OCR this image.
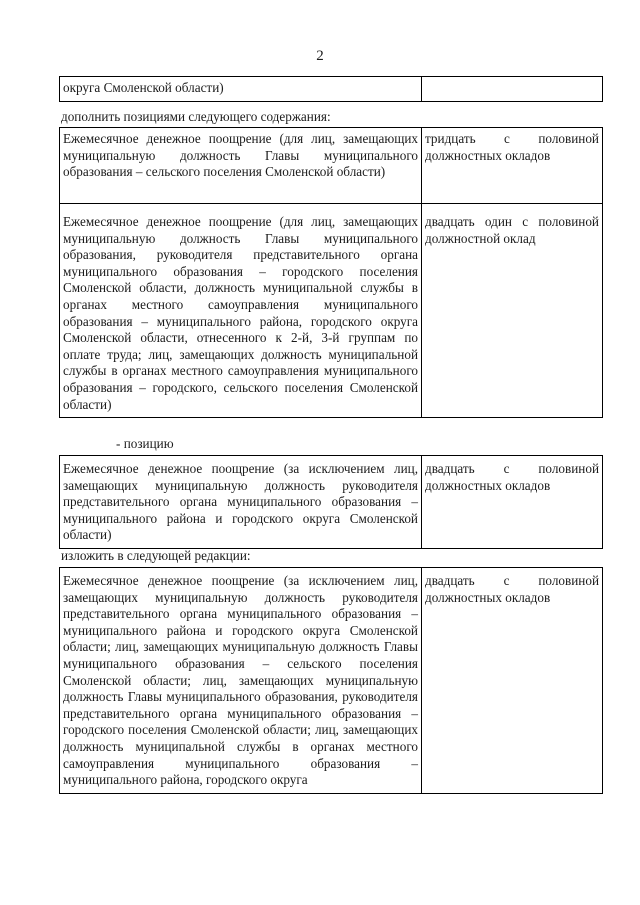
2
округа Смоленской области)	
дополнить позициями следующего содержания:
Ежемесячное денежное поощрение (для лиц, замещающих муниципальную должность Главы муниципального образования – сельского поселения Смоленской области)	тридцать с половиной должностных окладов
Ежемесячное денежное поощрение (для лиц, замещающих муниципальную должность Главы муниципального образования, руководителя представительного органа муниципального образования – городского поселения Смоленской области, должность муниципальной службы в органах местного самоуправления муниципального образования – муниципального района, городского округа Смоленской области, отнесенного к 2-й, 3-й группам по оплате труда; лиц, замещающих должность муниципальной службы в органах местного самоуправления муниципального образования – городского, сельского поселения Смоленской области)	двадцать один с половиной должностной оклад
- позицию
Ежемесячное денежное поощрение (за исключением лиц, замещающих муниципальную должность руководителя представительного органа муниципального образования – муниципального района и городского округа Смоленской области)	двадцать с половиной должностных окладов
изложить в следующей редакции:
Ежемесячное денежное поощрение (за исключением лиц, замещающих муниципальную должность руководителя представительного органа муниципального образования – муниципального района и городского округа Смоленской области; лиц, замещающих муниципальную должность Главы муниципального образования – сельского поселения Смоленской области; лиц, замещающих муниципальную должность Главы муниципального образования, руководителя представительного органа муниципального образования – городского поселения Смоленской области; лиц, замещающих должность муниципальной службы в органах местного самоуправления муниципального образования – муниципального района, городского округа	двадцать с половиной должностных окладов
